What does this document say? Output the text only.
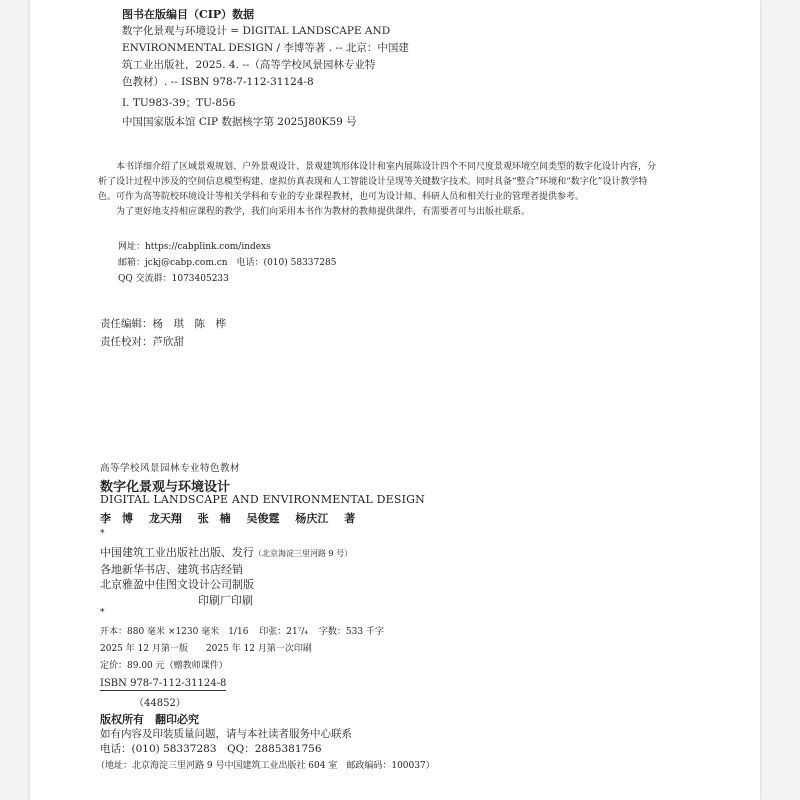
图书在版编目（CIP）数据
数字化景观与环境设计 = DIGITAL LANDSCAPE AND
ENVIRONMENTAL DESIGN / 李博等著 . -- 北京：中国建
筑工业出版社，2025. 4. --（高等学校风景园林专业特
色教材）. -- ISBN 978-7-112-31124-8
Ⅰ. TU983-39；TU-856
中国国家版本馆 CIP 数据核字第 2025J80K59 号

本书详细介绍了区域景观规划、户外景观设计、景观建筑形体设计和室内展陈设计四个不同尺度景观环境空间类型的数字化设计内容，分析了设计过程中涉及的空间信息模型构建、虚拟仿真表现和人工智能设计呈现等关键数字技术。同时具备“整合”环境和“数字化”设计教学特色。可作为高等院校环境设计等相关学科和专业的专业课程教材，也可为设计师、科研人员和相关行业的管理者提供参考。

为了更好地支持相应课程的教学，我们向采用本书作为教材的教师提供课件，有需要者可与出版社联系。

网址：https://cabplink.com/indexs
邮箱：jckj@cabp.com.cn　电话：(010) 58337285
QQ 交流群：1073405233
责任编辑：杨　琪　陈　桦
责任校对：芦欣甜
高等学校风景园林专业特色教材
数字化景观与环境设计
DIGITAL LANDSCAPE AND ENVIRONMENTAL DESIGN
李　博 龙天翔 张　楠 吴俊霆 杨庆江 著
*
中国建筑工业出版社出版、发行（北京海淀三里河路 9 号）
各地新华书店、建筑书店经销
北京雅盈中佳图文设计公司制版
印刷厂印刷
*
开本：880 毫米 ×1230 毫米　1/16 印张：21⁷/₄ 字数：533 千字
2025 年 12 月第一版　　2025 年 12 月第一次印刷
定价：89.00 元（赠教师课件）
ISBN 978-7-112-31124-8
（44852）
版权所有　翻印必究
如有内容及印装质量问题，请与本社读者服务中心联系
电话：(010) 58337283　QQ：2885381756
（地址：北京海淀三里河路 9 号中国建筑工业出版社 604 室　邮政编码：100037）
